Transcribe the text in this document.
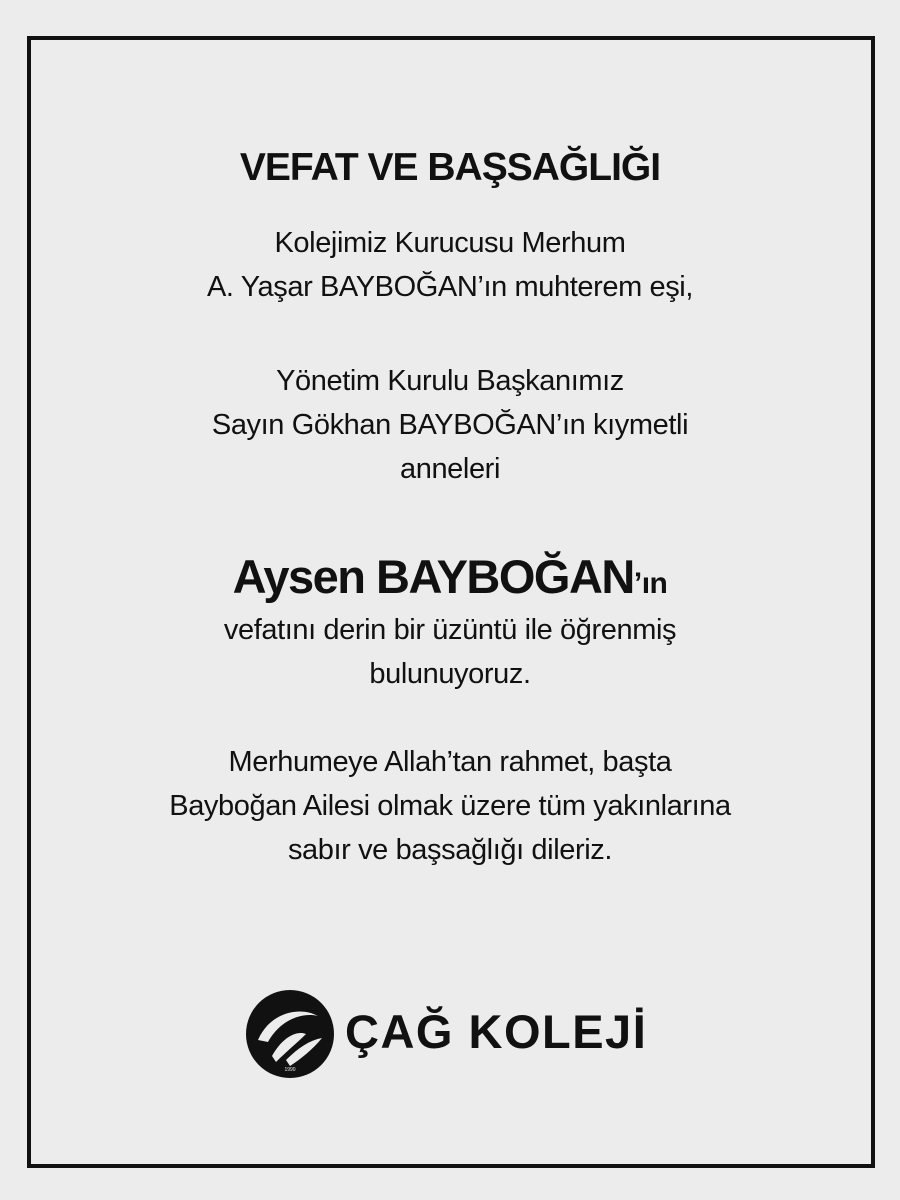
VEFAT VE BAŞSAĞLIĞI
Kolejimiz Kurucusu Merhum
A. Yaşar BAYBOĞAN’ın muhterem eşi,
Yönetim Kurulu Başkanımız
Sayın Gökhan BAYBOĞAN’ın kıymetli
anneleri
Aysen BAYBOĞAN’ın
vefatını derin bir üzüntü ile öğrenmiş
bulunuyoruz.
Merhumeye Allah’tan rahmet, başta
Bayboğan Ailesi olmak üzere tüm yakınlarına
sabır ve başsağlığı dileriz.
1990
ÇAĞ KOLEJİ
